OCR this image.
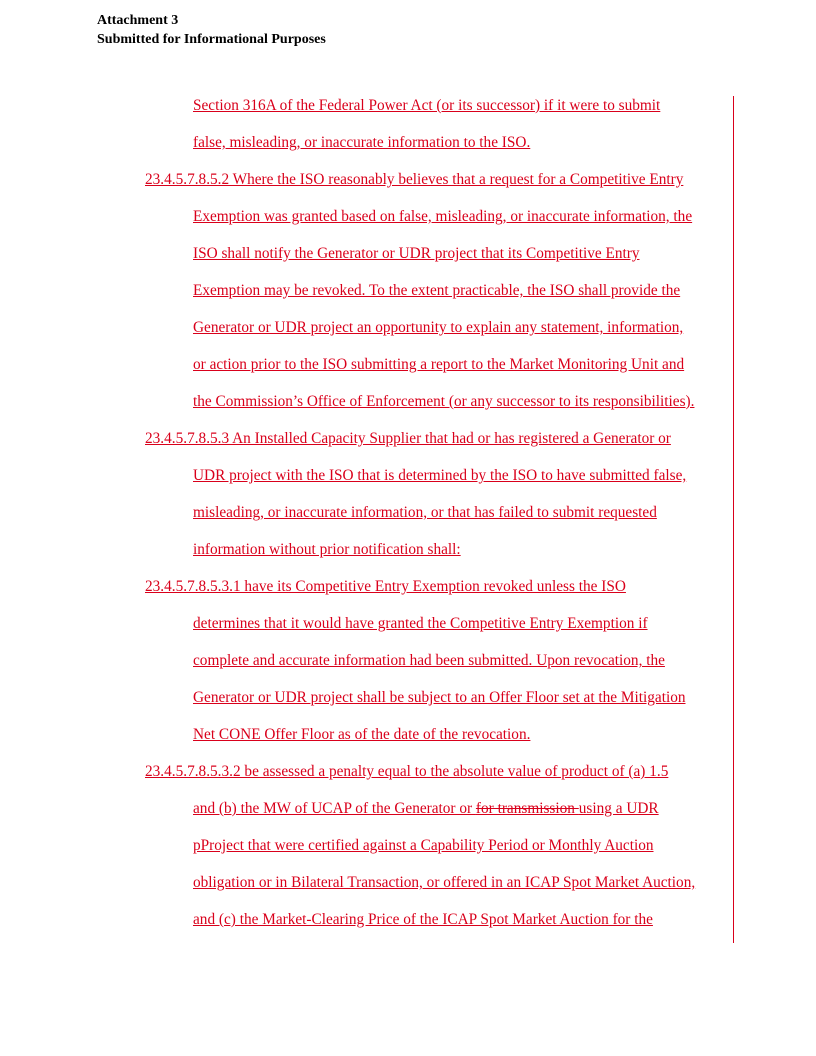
Attachment 3
Submitted for Informational Purposes
Section 316A of the Federal Power Act (or its successor) if it were to submit
false, misleading, or inaccurate information to the ISO.
23.4.5.7.8.5.2 Where the ISO reasonably believes that a request for a Competitive Entry
Exemption was granted based on false, misleading, or inaccurate information, the
ISO shall notify the Generator or UDR project that its Competitive Entry
Exemption may be revoked. To the extent practicable, the ISO shall provide the
Generator or UDR project an opportunity to explain any statement, information,
or action prior to the ISO submitting a report to the Market Monitoring Unit and
the Commission’s Office of Enforcement (or any successor to its responsibilities).
23.4.5.7.8.5.3 An Installed Capacity Supplier that had or has registered a Generator or
UDR project with the ISO that is determined by the ISO to have submitted false,
misleading, or inaccurate information, or that has failed to submit requested
information without prior notification shall:
23.4.5.7.8.5.3.1 have its Competitive Entry Exemption revoked unless the ISO
determines that it would have granted the Competitive Entry Exemption if
complete and accurate information had been submitted. Upon revocation, the
Generator or UDR project shall be subject to an Offer Floor set at the Mitigation
Net CONE Offer Floor as of the date of the revocation.
23.4.5.7.8.5.3.2 be assessed a penalty equal to the absolute value of product of (a) 1.5
and (b) the MW of UCAP of the Generator or for transmission using a UDR
pProject that were certified against a Capability Period or Monthly Auction
obligation or in Bilateral Transaction, or offered in an ICAP Spot Market Auction,
and (c) the Market-Clearing Price of the ICAP Spot Market Auction for the
